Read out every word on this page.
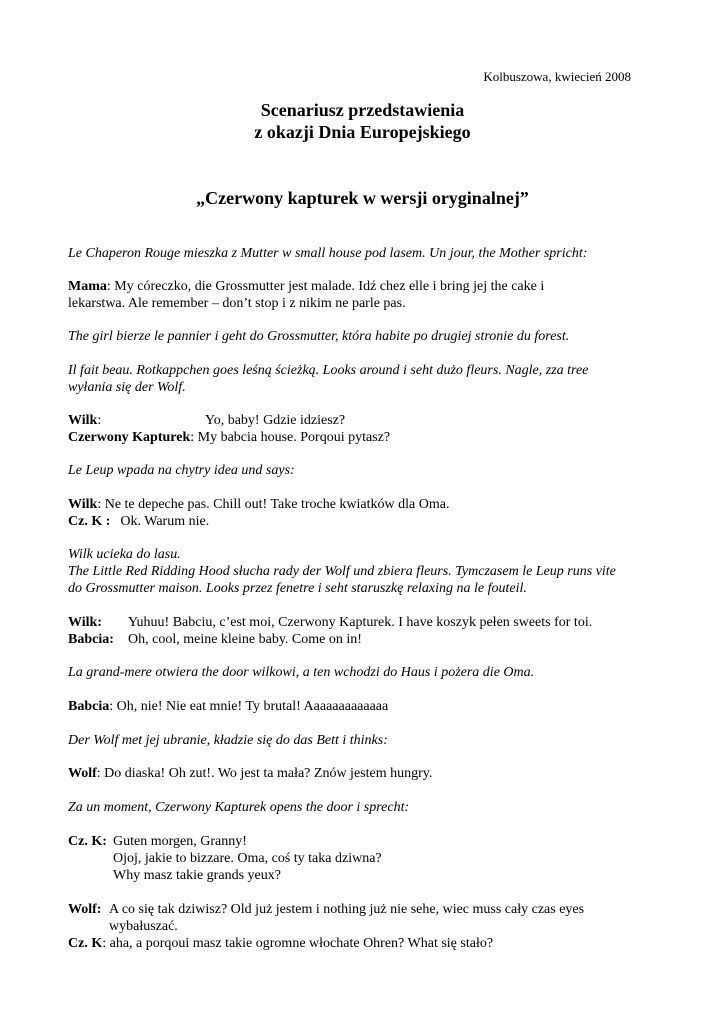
Kolbuszowa, kwiecień 2008
Scenariusz przedstawienia
z okazji Dnia Europejskiego
„Czerwony kapturek w wersji oryginalnej”
Le Chaperon Rouge mieszka z Mutter w small house pod lasem. Un jour, the Mother spricht:
Mama: My córeczko, die Grossmutter jest malade. Idź chez elle i bring jej the cake i
lekarstwa. Ale remember – don’t stop i z nikim ne parle pas.
The girl bierze le pannier i geht do Grossmutter, która habite po drugiej stronie du forest.
Il fait beau. Rotkappchen goes leśną ścieżką. Looks around i seht dużo fleurs. Nagle, zza tree
wyłania się der Wolf.
Wilk:	Yo, baby! Gdzie idziesz?
Czerwony Kapturek: My babcia house. Porqoui pytasz?
Le Leup wpada na chytry idea und says:
Wilk: Ne te depeche pas. Chill out! Take troche kwiatków dla Oma.
Cz. K : Ok. Warum nie.
Wilk ucieka do lasu.
The Little Red Ridding Hood słucha rady der Wolf und zbiera fleurs. Tymczasem le Leup runs vite
do Grossmutter maison. Looks przez fenetre i seht staruszkę relaxing na le fouteil.
Wilk: Yuhuu! Babciu, c’est moi, Czerwony Kapturek. I have koszyk pełen sweets for toi.
Babcia: Oh, cool, meine kleine baby. Come on in!
La grand-mere otwiera the door wilkowi, a ten wchodzi do Haus i pożera die Oma.
Babcia: Oh, nie! Nie eat mnie! Ty brutal! Aaaaaaaaaaaaa
Der Wolf met jej ubranie, kładzie się do das Bett i thinks:
Wolf: Do diaska! Oh zut!. Wo jest ta mała? Znów jestem hungry.
Za un moment, Czerwony Kapturek opens the door i sprecht:
Cz. K: Guten morgen, Granny!
Ojoj, jakie to bizzare. Oma, coś ty taka dziwna?
Why masz takie grands yeux?
Wolf: A co się tak dziwisz? Old już jestem i nothing już nie sehe, wiec muss cały czas eyes
wybałuszać.
Cz. K: aha, a porqoui masz takie ogromne włochate Ohren? What się stało?
